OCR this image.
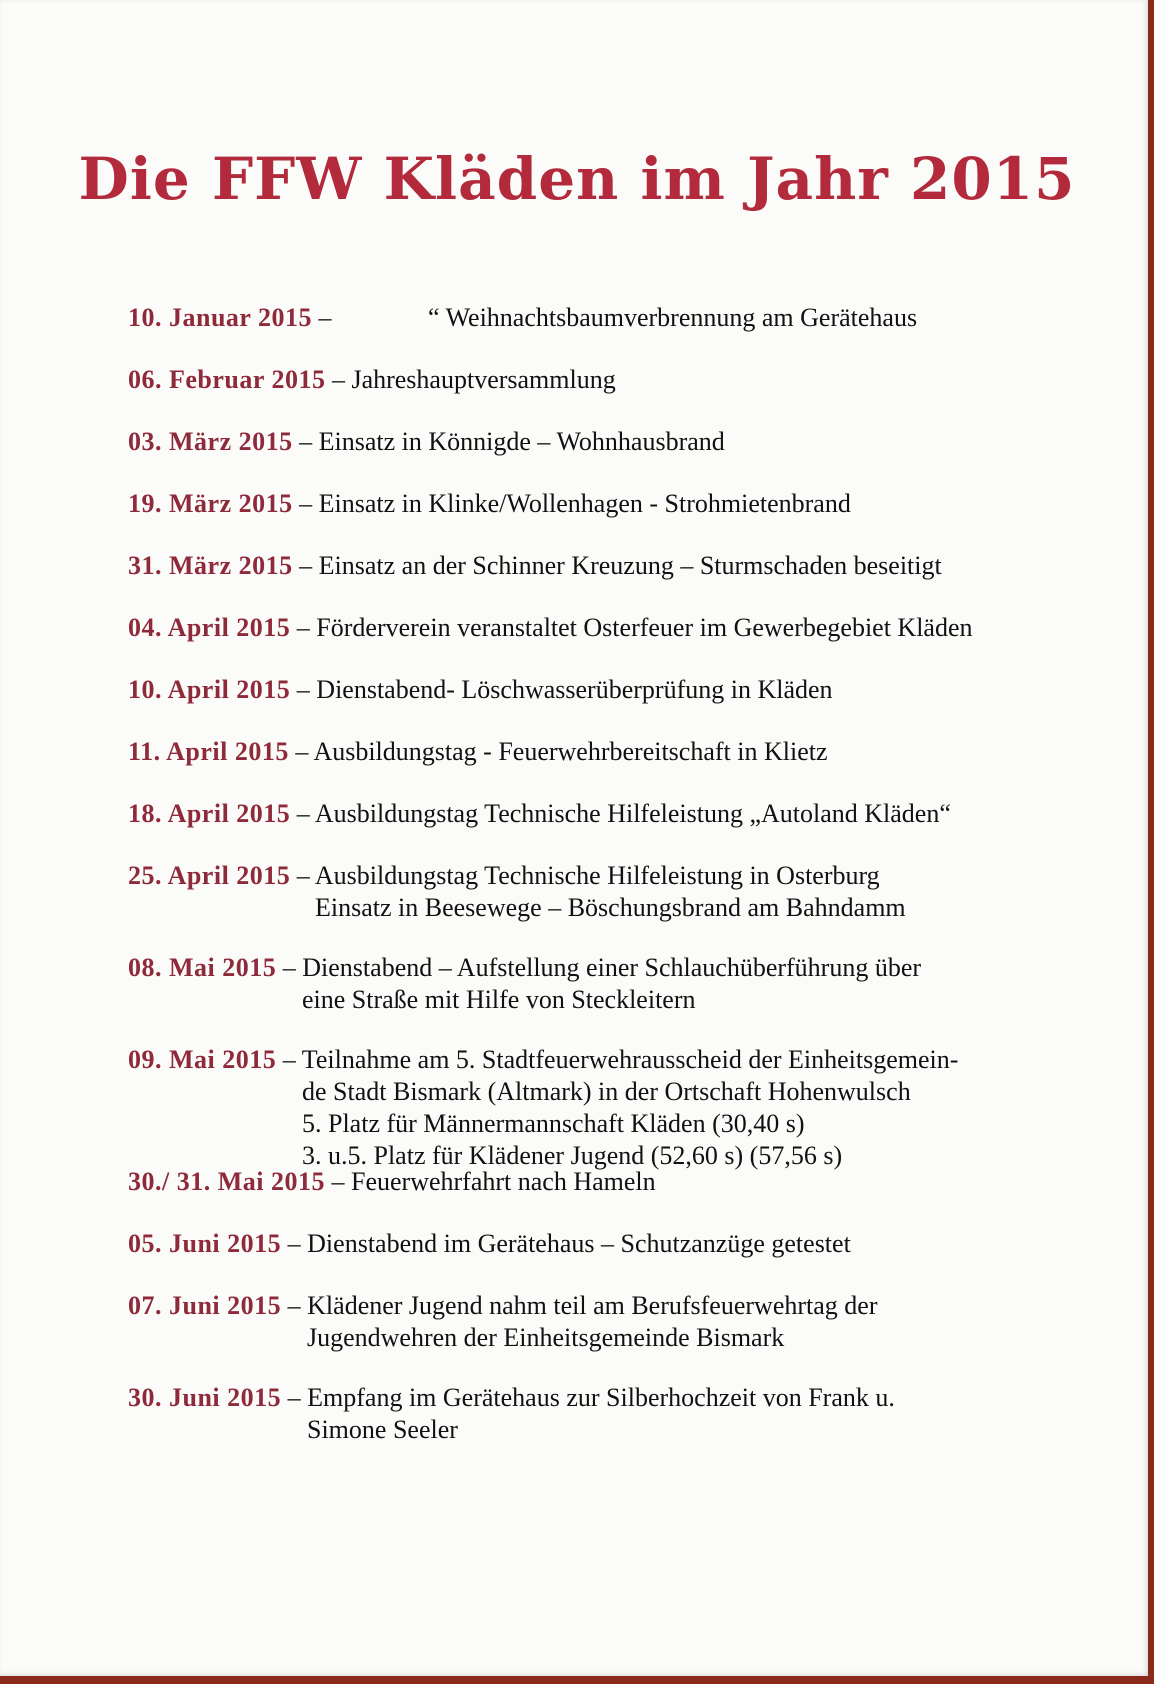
Die FFW Kläden im Jahr 2015
10. Januar 2015 –	“ Weihnachtsbaumverbrennung am Gerätehaus
06. Februar 2015 – Jahreshauptversammlung
03. März 2015 – Einsatz in Könnigde – Wohnhausbrand
19. März 2015 – Einsatz in Klinke/Wollenhagen - Strohmietenbrand
31. März 2015 – Einsatz an der Schinner Kreuzung – Sturmschaden beseitigt
04. April 2015 – Förderverein veranstaltet Osterfeuer im Gewerbegebiet Kläden
10. April 2015 – Dienstabend- Löschwasserüberprüfung in Kläden
11. April 2015 – Ausbildungstag - Feuerwehrbereitschaft in Klietz
18. April 2015 – Ausbildungstag Technische Hilfeleistung „Autoland Kläden“
25. April 2015 – Ausbildungstag Technische Hilfeleistung in Osterburg
Einsatz in Beesewege – Böschungsbrand am Bahndamm
08. Mai 2015 – Dienstabend – Aufstellung einer Schlauchüberführung über
eine Straße mit Hilfe von Steckleitern
09. Mai 2015 – Teilnahme am 5. Stadtfeuerwehrausscheid der Einheitsgemein-
de Stadt Bismark (Altmark) in der Ortschaft Hohenwulsch
5. Platz für Männermannschaft Kläden (30,40 s)
3. u.5. Platz für Klädener Jugend (52,60 s) (57,56 s)
30./ 31. Mai 2015 – Feuerwehrfahrt nach Hameln
05. Juni 2015 – Dienstabend im Gerätehaus – Schutzanzüge getestet
07. Juni 2015 – Klädener Jugend nahm teil am Berufsfeuerwehrtag der
Jugendwehren der Einheitsgemeinde Bismark
30. Juni 2015 – Empfang im Gerätehaus zur Silberhochzeit von Frank u.
Simone Seeler
